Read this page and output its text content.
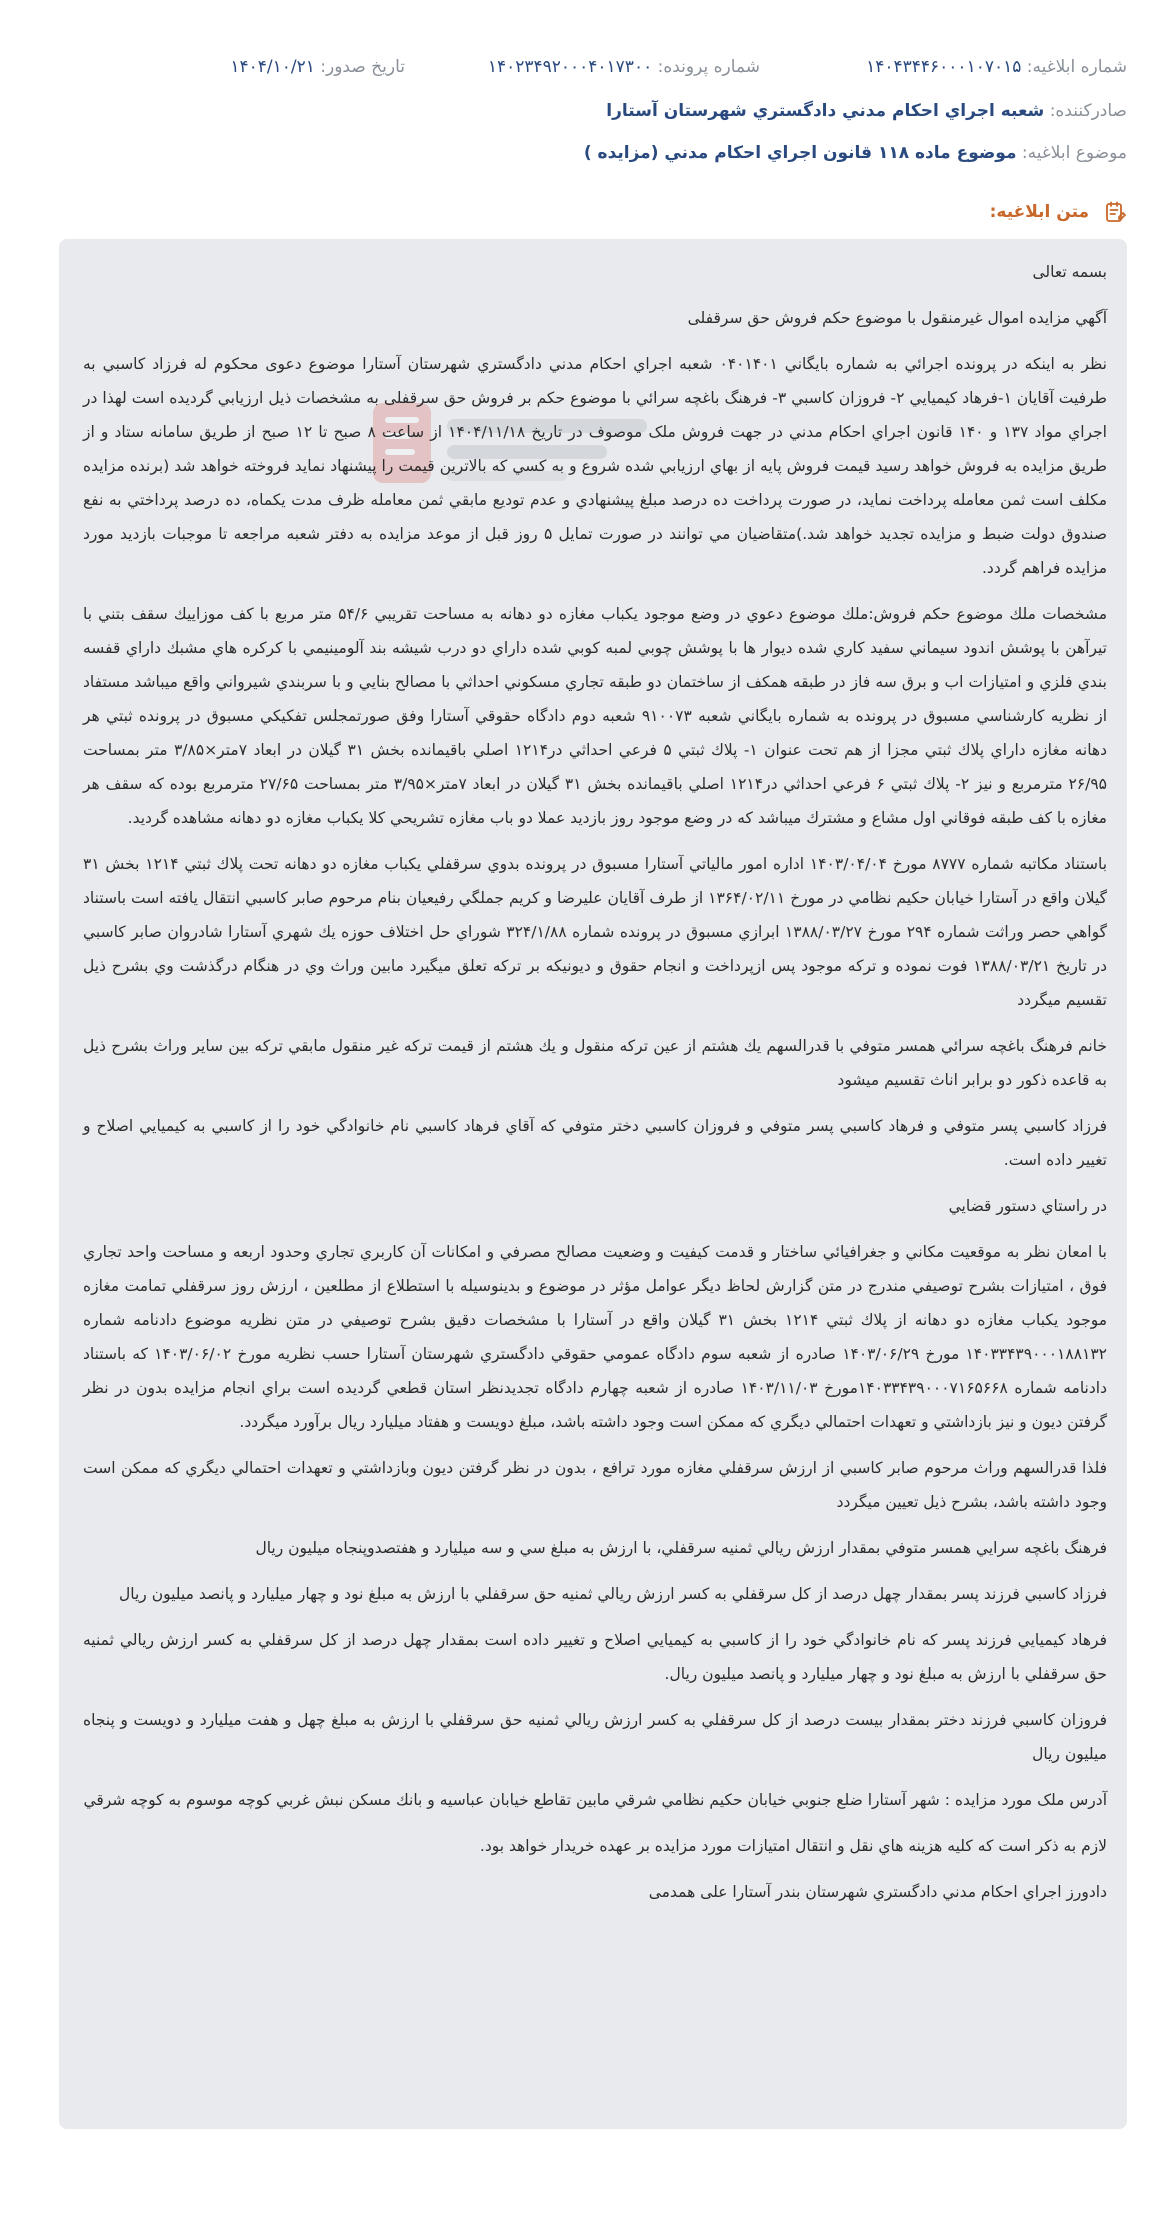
شماره ابلاغيه: ۱۴۰۴۳۴۴۶۰۰۰۱۰۷۰۱۵
شماره پرونده: ۱۴۰۲۳۴۹۲۰۰۰۴۰۱۷۳۰۰
تاريخ صدور: ۱۴۰۴/۱۰/۲۱
صادرکننده: شعبه اجراي احكام مدني دادگستري شهرستان آستارا
موضوع ابلاغيه: موضوع ماده ۱۱۸ قانون اجراي احکام مدني (مزايده )
متن ابلاغيه:

بسمه تعالی

آگهي مزايده اموال غيرمنقول با موضوع حکم فروش حق سرقفلی

نظر به اينکه در پرونده اجرائي به شماره بايگاني ۰۴۰۱۴۰۱ شعبه اجراي احکام مدني دادگستري شهرستان آستارا موضوع دعوی محکوم له فرزاد کاسبي به طرفيت آقايان ۱-فرهاد کيميايي ۲- فروزان کاسبي ۳- فرهنگ باغچه سرائي با موضوع حکم بر فروش حق سرقفلی به مشخصات ذيل ارزيابي گرديده است لهذا در اجراي مواد ۱۳۷ و ۱۴۰ قانون اجراي احکام مدني در جهت فروش ملک موصوف در تاريخ ۱۴۰۴/۱۱/۱۸ از ساعت ۸ صبح تا ۱۲ صبح از طريق سامانه ستاد و از طريق مزايده به فروش خواهد رسيد قيمت فروش پايه از بهاي ارزيابي شده شروع و به کسي که بالاترين قيمت را پيشنهاد نمايد فروخته خواهد شد (برنده مزايده مکلف است ثمن معامله پرداخت نمايد، در صورت پرداخت ده درصد مبلغ پيشنهادي و عدم توديع مابقي ثمن معامله ظرف مدت يکماه، ده درصد پرداختي به نفع صندوق دولت ضبط و مزايده تجديد خواهد شد.)متقاضيان مي توانند در صورت تمايل ۵ روز قبل از موعد مزايده به دفتر شعبه مراجعه تا موجبات بازديد مورد مزايده فراهم گردد.

مشخصات ملك موضوع حکم فروش:ملك موضوع دعوي در وضع موجود يكباب مغازه دو دهانه به مساحت تقريبي ۵۴/۶ متر مربع با كف موزاييك سقف بتني با تيرآهن با پوشش اندود سيماني سفيد كاري شده ديوار ها با پوشش چوبي لمبه كوبي شده داراي دو درب شيشه بند آلومينيمي با كركره هاي مشبك داراي قفسه بندي فلزي و امتيازات اب و برق سه فاز در طبقه همكف از ساختمان دو طبقه تجاري مسكوني احداثي با مصالح بنايي و با سربندي شيرواني واقع ميباشد مستفاد از نظريه كارشناسي مسبوق در پرونده به شماره بايگاني شعبه ۹۱۰۰۷۳ شعبه دوم دادگاه حقوقي آستارا وفق صورتمجلس تفكيكي مسبوق در پرونده ثبتي هر دهانه مغازه داراي پلاك ثبتي مجزا از هم تحت عنوان ۱- پلاك ثبتي ۵ فرعي احداثي در۱۲۱۴ اصلي باقيمانده بخش ۳۱ گيلان در ابعاد ۷متر×۳/۸۵ متر بمساحت ۲۶/۹۵ مترمربع و نيز ۲- پلاك ثبتي ۶ فرعي احداثي در۱۲۱۴ اصلي باقيمانده بخش ۳۱ گيلان در ابعاد ۷متر×۳/۹۵ متر بمساحت ۲۷/۶۵ مترمربع بوده كه سقف هر مغازه با كف طبقه فوقاني اول مشاع و مشترك ميباشد كه در وضع موجود روز بازديد عملا دو باب مغازه تشريحي كلا يكباب مغازه دو دهانه مشاهده گرديد.

باستناد مكاتبه شماره ۸۷۷۷ مورخ ۱۴۰۳/۰۴/۰۴ اداره امور مالياتي آستارا مسبوق در پرونده بدوي سرقفلي يكباب مغازه دو دهانه تحت پلاك ثبتي ۱۲۱۴ بخش ۳۱ گيلان واقع در آستارا خيابان حكيم نظامي در مورخ ۱۳۶۴/۰۲/۱۱ از طرف آقايان عليرضا و كريم جملگي رفيعيان بنام مرحوم صابر كاسبي انتقال يافته است باستناد گواهي حصر وراثت شماره ۲۹۴ مورخ ۱۳۸۸/۰۳/۲۷ ابرازي مسبوق در پرونده شماره ۳۲۴/۱/۸۸ شوراي حل اختلاف حوزه يك شهري آستارا شادروان صابر كاسبي در تاريخ ۱۳۸۸/۰۳/۲۱ فوت نموده و تركه موجود پس ازپرداخت و انجام حقوق و ديونيكه بر تركه تعلق ميگيرد مابين وراث وي در هنگام درگذشت وي بشرح ذيل تقسيم ميگردد

خانم فرهنگ باغچه سرائي همسر متوفي با قدرالسهم يك هشتم از عين تركه منقول و يك هشتم از قيمت تركه غير منقول مابقي تركه بين ساير وراث بشرح ذيل به قاعده ذكور دو برابر اناث تقسيم ميشود

فرزاد كاسبي پسر متوفي و فرهاد كاسبي پسر متوفي و فروزان كاسبي دختر متوفي كه آقاي فرهاد كاسبي نام خانوادگي خود را از كاسبي به كيميايي اصلاح و تغيير داده است.

در راستاي دستور قضايي

با امعان نظر به موقعيت مكاني و جغرافيائي ساختار و قدمت كيفيت و وضعيت مصالح مصرفي و امكانات آن كاربري تجاري وحدود اربعه و مساحت واحد تجاري فوق ، امتيازات بشرح توصيفي مندرج در متن گزارش لحاظ ديگر عوامل مؤثر در موضوع و بدينوسيله با استطلاع از مطلعين ، ارزش روز سرقفلي تمامت مغازه موجود يكباب مغازه دو دهانه از پلاك ثبتي ۱۲۱۴ بخش ۳۱ گيلان واقع در آستارا با مشخصات دقيق بشرح توصيفي در متن نظريه موضوع دادنامه شماره ۱۴۰۳۳۴۳۹۰۰۰۱۸۸۱۳۲ مورخ ۱۴۰۳/۰۶/۲۹ صادره از شعبه سوم دادگاه عمومي حقوقي دادگستري شهرستان آستارا حسب نظريه مورخ ۱۴۰۳/۰۶/۰۲ كه باستناد دادنامه شماره ۱۴۰۳۳۴۳۹۰۰۰۷۱۶۵۶۶۸مورخ ۱۴۰۳/۱۱/۰۳ صادره از شعبه چهارم دادگاه تجديدنظر استان قطعي گرديده است براي انجام مزايده بدون در نظر گرفتن ديون و نيز بازداشتي و تعهدات احتمالي ديگري كه ممكن است وجود داشته باشد، مبلغ دويست و هفتاد ميليارد ريال برآورد ميگردد.

فلذا قدرالسهم وراث مرحوم صابر كاسبي از ارزش سرقفلي مغازه مورد ترافع ، بدون در نظر گرفتن ديون وبازداشتي و تعهدات احتمالي ديگري كه ممكن است وجود داشته باشد، بشرح ذيل تعيين ميگردد

فرهنگ باغچه سرايي همسر متوفي بمقدار ارزش ريالي ثمنيه سرقفلي، با ارزش به مبلغ سي و سه ميليارد و هفتصدوپنجاه ميليون ريال

فرزاد كاسبي فرزند پسر بمقدار چهل درصد از كل سرقفلي به كسر ارزش ريالي ثمنيه حق سرقفلي با ارزش به مبلغ نود و چهار ميليارد و پانصد ميليون ريال

فرهاد كيميايي فرزند پسر كه نام خانوادگي خود را از كاسبي به كيميايي اصلاح و تغيير داده است بمقدار چهل درصد از كل سرقفلي به كسر ارزش ريالي ثمنيه حق سرقفلي با ارزش به مبلغ نود و چهار ميليارد و پانصد ميليون ريال.

فروزان كاسبي فرزند دختر بمقدار بيست درصد از كل سرقفلي به كسر ارزش ريالي ثمنيه حق سرقفلي با ارزش به مبلغ چهل و هفت ميليارد و دويست و پنجاه ميليون ريال

آدرس ملک مورد مزايده : شهر آستارا ضلع جنوبي خيابان حكيم نظامي شرقي مابين تقاطع خيابان عباسيه و بانك مسكن نبش غربي كوچه موسوم به كوچه شرقي

لازم به ذکر است که کليه هزينه هاي نقل و انتقال امتيازات مورد مزايده بر عهده خريدار خواهد بود.

دادورز اجراي احكام مدني دادگستري شهرستان بندر آستارا علی همدمی
